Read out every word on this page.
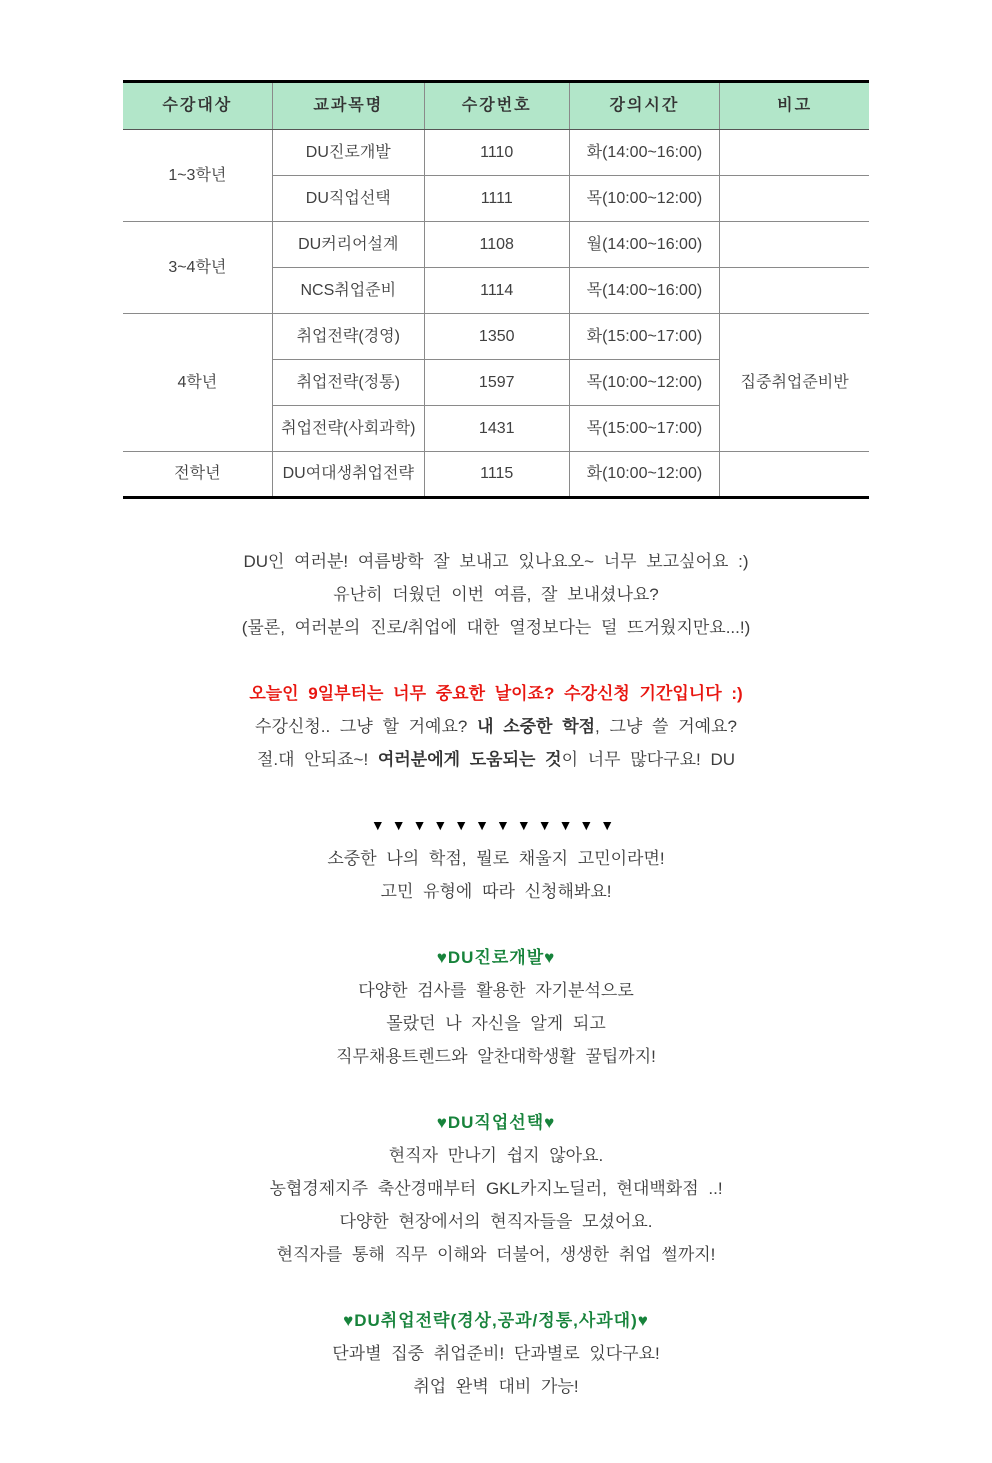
수강대상	교과목명	수강번호	강의시간	비고
1~3학년	DU진로개발	1110	화(14:00~16:00)	
	DU직업선택	1111	목(10:00~12:00)	
3~4학년	DU커리어설계	1108	월(14:00~16:00)	
	NCS취업준비	1114	목(14:00~16:00)	
4학년	취업전략(경영)	1350	화(15:00~17:00)	집중취업준비반
	취업전략(정통)	1597	목(10:00~12:00)	
	취업전략(사회과학)	1431	목(15:00~17:00)	
전학년	DU여대생취업전략	1115	화(10:00~12:00)	

DU인 여러분! 여름방학 잘 보내고 있나요오~ 너무 보고싶어요 :)

유난히 더웠던 이번 여름, 잘 보내셨나요?

(물론, 여러분의 진로/취업에 대한 열정보다는 덜 뜨거웠지만요...!)

오늘인 9일부터는 너무 중요한 날이죠? 수강신청 기간입니다 :)

수강신청.. 그냥 할 거예요? 내 소중한 학점, 그냥 쓸 거예요?

절.대 안되죠~! 여러분에게 도움되는 것이 너무 많다구요! DU

▼▼▼▼▼▼▼▼▼▼▼▼

소중한 나의 학점, 뭘로 채울지 고민이라면!

고민 유형에 따라 신청해봐요!

♥DU진로개발♥

다양한 검사를 활용한 자기분석으로

몰랐던 나 자신을 알게 되고

직무채용트렌드와 알찬대학생활 꿀팁까지!

♥DU직업선택♥

현직자 만나기 쉽지 않아요.

농협경제지주 축산경매부터 GKL카지노딜러, 현대백화점 ..!

다양한 현장에서의 현직자들을 모셨어요.

현직자를 통해 직무 이해와 더불어, 생생한 취업 썰까지!

♥DU취업전략(경상,공과/정통,사과대)♥

단과별 집중 취업준비! 단과별로 있다구요!

취업 완벽 대비 가능!
